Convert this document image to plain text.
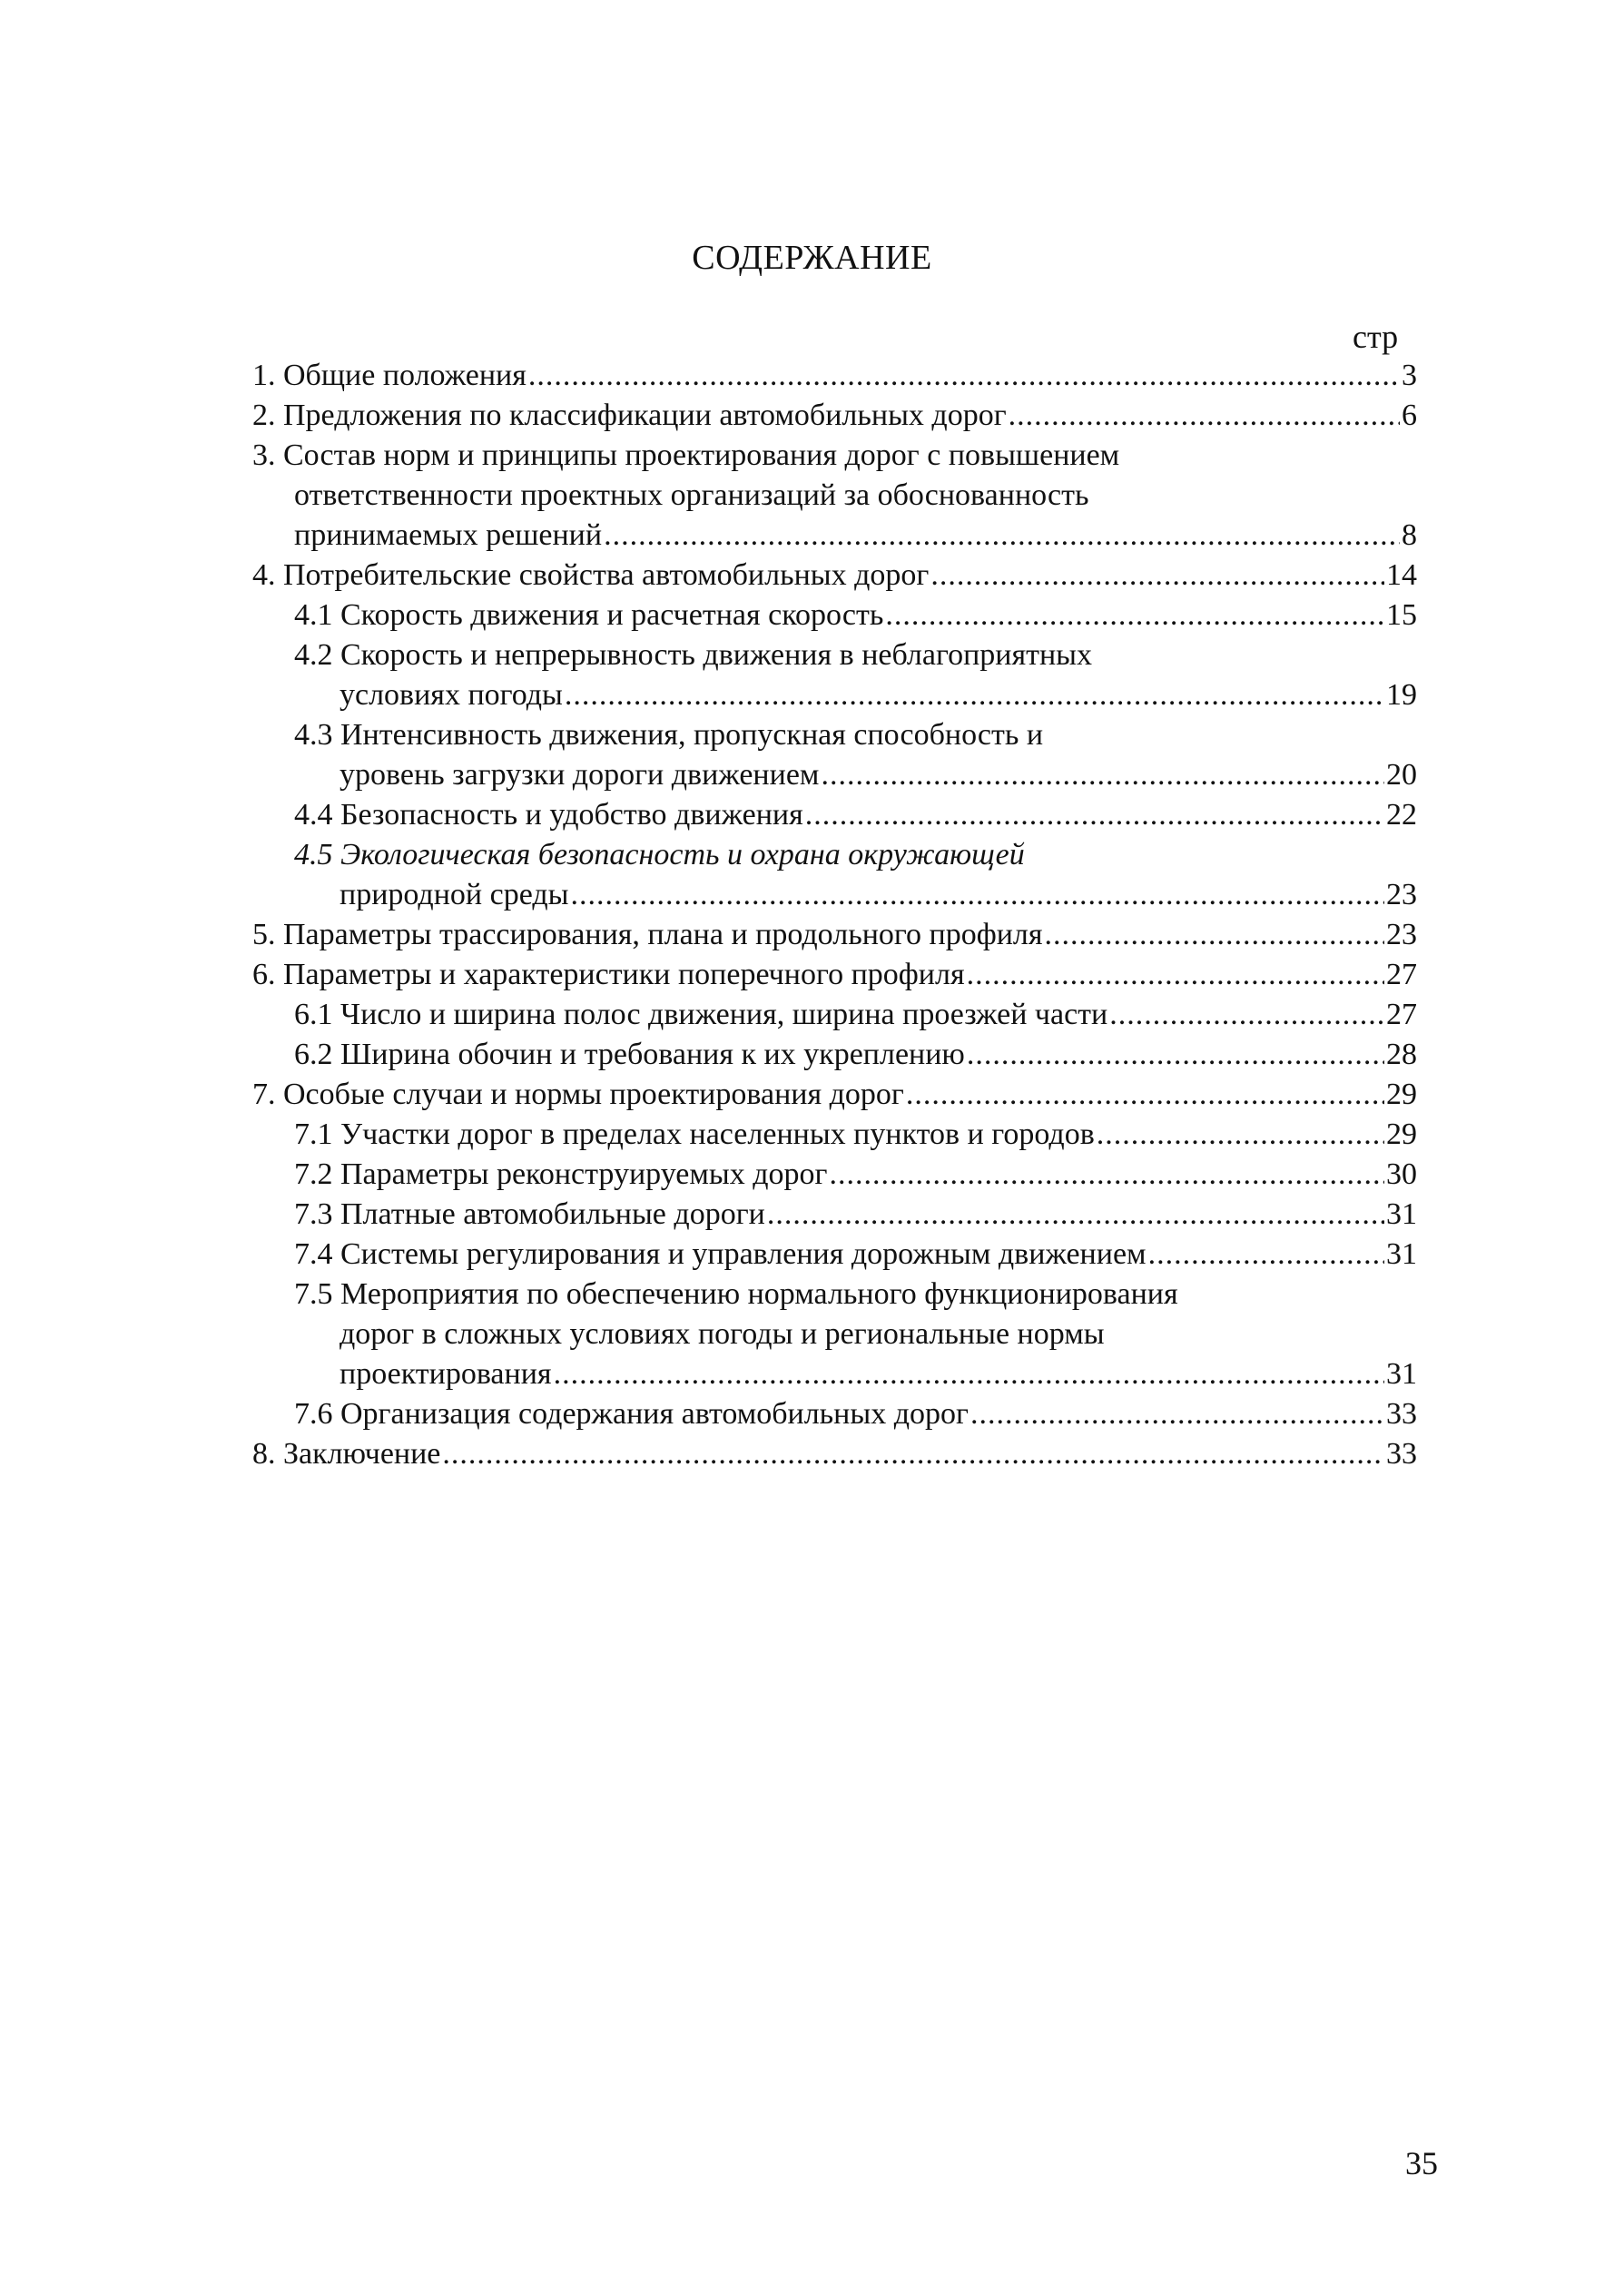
СОДЕРЖАНИЕ
стр
1. Общие положения .....	3
2. Предложения по классификации автомобильных дорог .....	6
3. Состав норм и принципы проектирования дорог с повышением
ответственности проектных организаций за обоснованность
принимаемых решений .....	8
4. Потребительские свойства автомобильных дорог .....	14
4.1 Скорость движения и расчетная скорость .....	15
4.2 Скорость и непрерывность движения в неблагоприятных
условиях погоды .....	19
4.3 Интенсивность движения, пропускная способность и
уровень загрузки дороги движением .....	20
4.4 Безопасность и удобство движения .....	22
4.5 Экологическая безопасность и охрана окружающей
природной среды .....	23
5. Параметры трассирования, плана и продольного профиля .....	23
6. Параметры и характеристики поперечного профиля .....	27
6.1 Число и ширина полос движения, ширина проезжей части .....	27
6.2 Ширина обочин и требования к их укреплению .....	28
7. Особые случаи и нормы проектирования дорог .....	29
7.1 Участки дорог в пределах населенных пунктов и городов .....	29
7.2 Параметры реконструируемых дорог .....	30
7.3 Платные автомобильные дороги .....	31
7.4 Системы регулирования и управления дорожным движением .....	31
7.5 Мероприятия по обеспечению нормального функционирования
дорог в сложных условиях погоды и региональные нормы
проектирования .....	31
7.6 Организация содержания автомобильных дорог .....	33
8. Заключение .....	33
35
